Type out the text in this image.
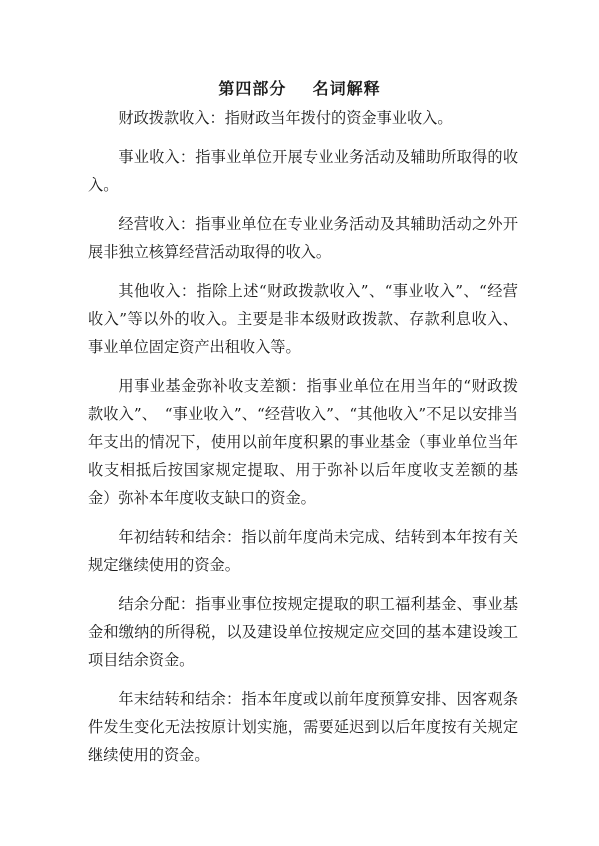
第四部分    名词解释

财政拨款收入：指财政当年拨付的资金事业收入。

事业收入：指事业单位开展专业业务活动及辅助所取得的收入。

经营收入：指事业单位在专业业务活动及其辅助活动之外开展非独立核算经营活动取得的收入。

其他收入：指除上述“财政拨款收入”、“事业收入”、“经营收入”等以外的收入。主要是非本级财政拨款、存款利息收入、事业单位固定资产出租收入等。

用事业基金弥补收支差额：指事业单位在用当年的“财政拨款收入”、　“事业收入”、“经营收入”、“其他收入”不足以安排当年支出的情况下，使用以前年度积累的事业基金（事业单位当年收支相抵后按国家规定提取、用于弥补以后年度收支差额的基金）弥补本年度收支缺口的资金。

年初结转和结余：指以前年度尚未完成、结转到本年按有关规定继续使用的资金。

结余分配：指事业事位按规定提取的职工福利基金、事业基金和缴纳的所得税，以及建设单位按规定应交回的基本建设竣工项目结余资金。

年末结转和结余：指本年度或以前年度预算安排、因客观条件发生变化无法按原计划实施，需要延迟到以后年度按有关规定继续使用的资金。
